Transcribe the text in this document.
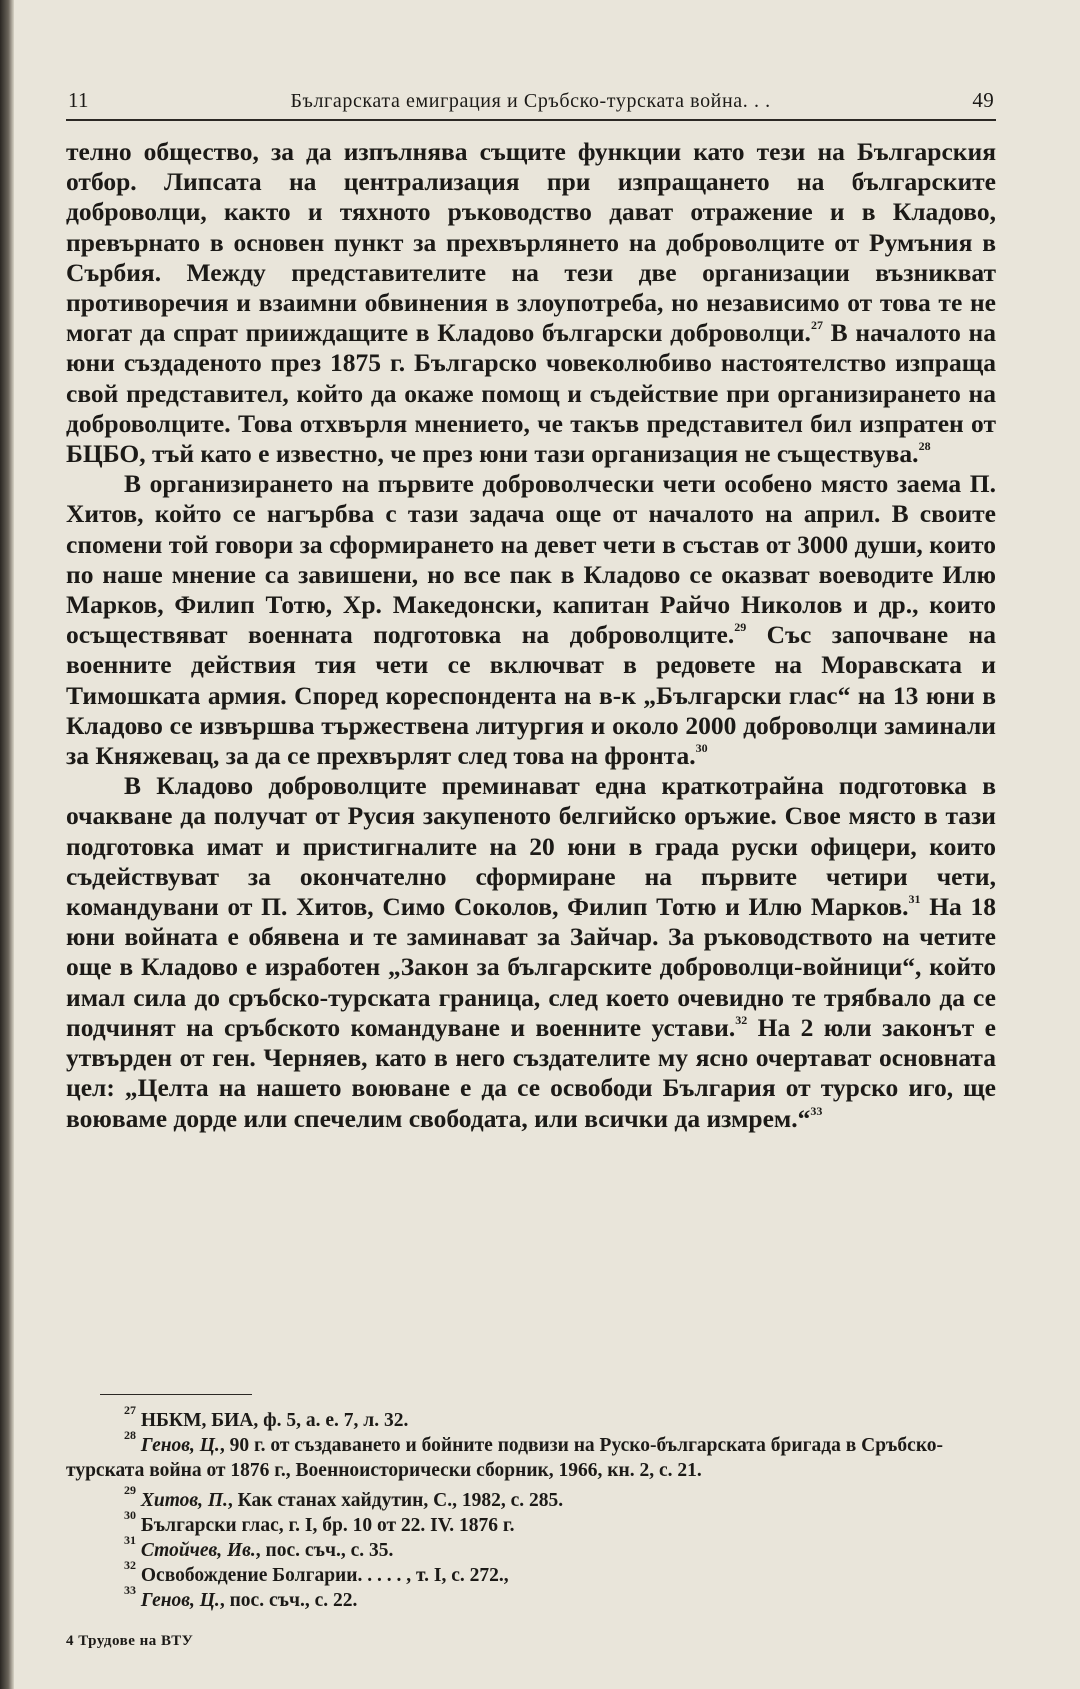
11	Българската емиграция и Сръбско-турската война. . .	49

телно общество, за да изпълнява същите функции като тези на Българския отбор. Липсата на централизация при изпращането на българските доброволци, както и тяхното ръководство дават отражение и в Кладово, превърнато в основен пункт за прехвърлянето на доброволците от Румъния в Сърбия. Между представителите на тези две организации възникват противоречия и взаимни обвинения в злоупотреба, но независимо от това те не могат да спрат прииждащите в Кладово български доброволци.$^{27}$ В началото на юни създаденото през 1875 г. Българско човеколюбиво настоятелство изпраща свой представител, който да окаже помощ и съдействие при организирането на доброволците. Това отхвърля мнението, че такъв представител бил изпратен от БЦБО, тъй като е известно, че през юни тази организация не съществува.$^{28}$

В организирането на първите доброволчески чети особено място заема П. Хитов, който се нагърбва с тази задача още от началото на април. В своите спомени той говори за сформирането на девет чети в състав от 3000 души, които по наше мнение са завишени, но все пак в Кладово се оказват воеводите Илю Марков, Филип Тотю, Хр. Македонски, капитан Райчо Николов и др., които осъществяват военната подготовка на доброволците.$^{29}$ Със започване на военните действия тия чети се включват в редовете на Моравската и Тимошката армия. Според кореспондента на в-к „Български глас“ на 13 юни в Кладово се извършва тържествена литургия и около 2000 доброволци заминали за Княжевац, за да се прехвърлят след това на фронта.$^{30}$

В Кладово доброволците преминават една краткотрайна подготовка в очакване да получат от Русия закупеното белгийско оръжие. Свое място в тази подготовка имат и пристигналите на 20 юни в града руски офицери, които съдействуват за окончателно сформиране на първите четири чети, командувани от П. Хитов, Симо Соколов, Филип Тотю и Илю Марков.$^{31}$ На 18 юни войната е обявена и те заминават за Зайчар. За ръководството на четите още в Кладово е изработен „Закон за българските доброволци-войници“, който имал сила до сръбско-турската граница, след което очевидно те трябвало да се подчинят на сръбското командуване и военните устави.$^{32}$ На 2 юли законът е утвърден от ген. Черняев, като в него създателите му ясно очертават основната цел: „Целта на нашето воюване е да се освободи България от турско иго, ще воюваме дорде или спечелим свободата, или всички да измрем.“$^{33}$

$^{27}$ НБКМ, БИА, ф. 5, а. е. 7, л. 32.

$^{28}$ Генов, Ц., 90 г. от създаването и бойните подвизи на Руско-българската бригада в Сръбско-турската война от 1876 г., Военноисторически сборник, 1966, кн. 2, с. 21.

$^{29}$ Хитов, П., Как станах хайдутин, С., 1982, с. 285.

$^{30}$ Български глас, г. I, бр. 10 от 22. IV. 1876 г.

$^{31}$ Стойчев, Ив., пос. съч., с. 35.

$^{32}$ Освобождение Болгарии. . . . . , т. I, с. 272.,

$^{33}$ Генов, Ц., пос. съч., с. 22.

4 Трудове на ВТУ
